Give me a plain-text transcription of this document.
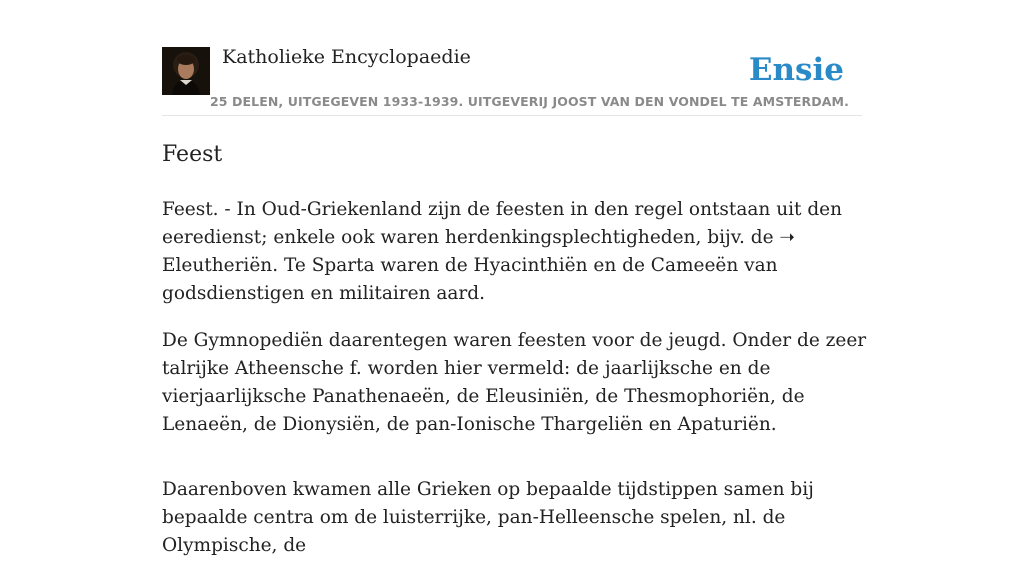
Katholieke Encyclopaedie
25 DELEN, UITGEGEVEN 1933-1939. UITGEVERIJ JOOST VAN DEN VONDEL TE AMSTERDAM.
Ensie
Feest

Feest. - In Oud-Griekenland zijn de feesten in den regel ontstaan uit den eeredienst; enkele ook waren herdenkingsplechtigheden, bijv. de ➝ Eleutheriën. Te Sparta waren de Hyacinthiën en de Cameeën van godsdienstigen en militairen aard.

De Gymnopediën daarentegen waren feesten voor de jeugd. Onder de zeer talrijke Atheensche f. worden hier vermeld: de jaarlijksche en de vierjaarlijksche Panathenaeën, de Eleusiniën, de Thesmophoriën, de Lenaeën, de Dionysiën, de pan-Ionische Thargeliën en Apaturiën.

Daarenboven kwamen alle Grieken op bepaalde tijdstippen samen bij bepaalde centra om de luisterrijke, pan-Helleensche spelen, nl. de Olympische, de
